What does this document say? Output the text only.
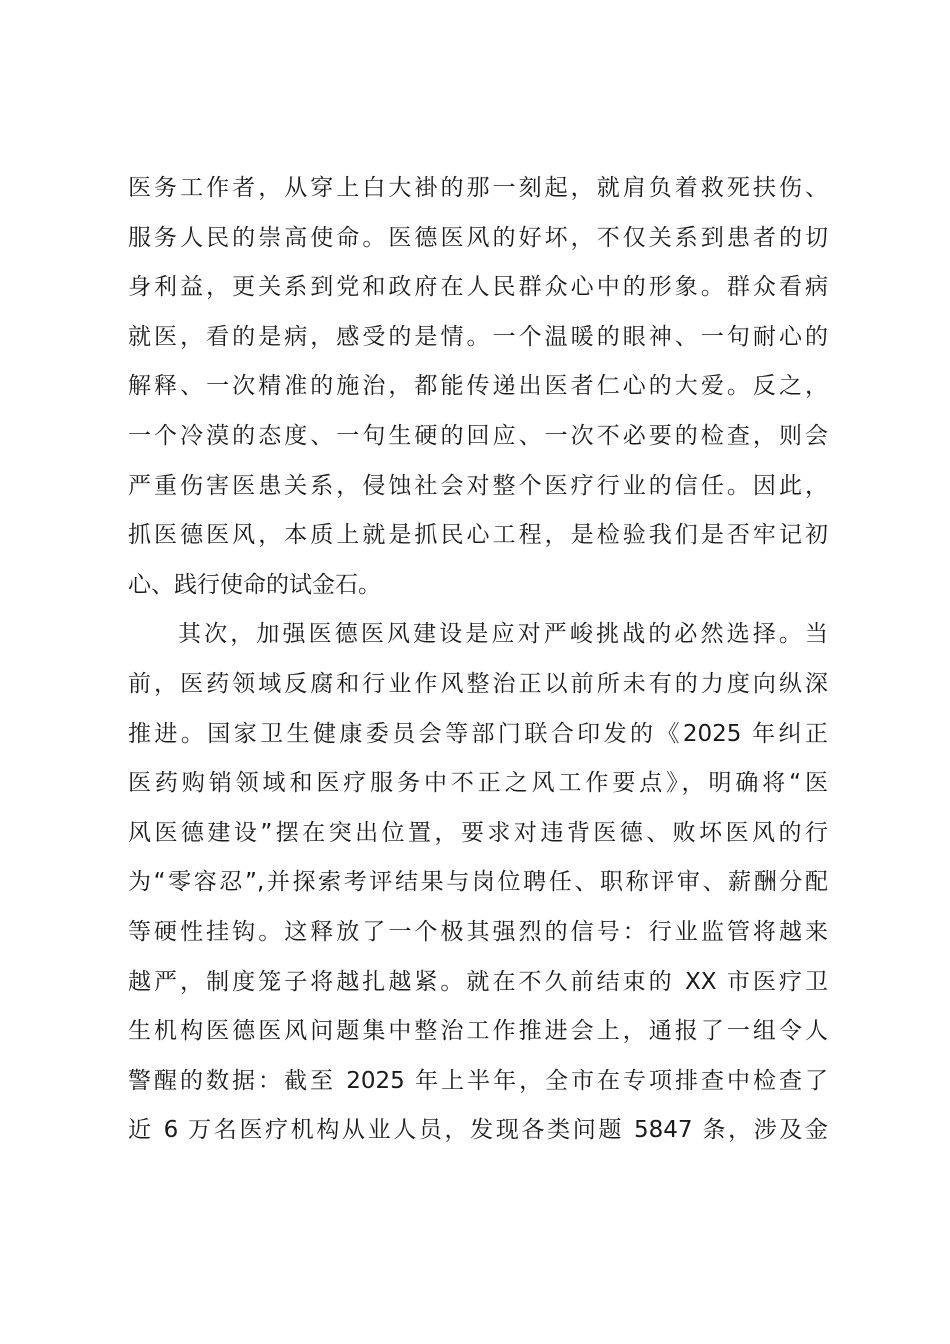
医务工作者，从穿上白大褂的那一刻起，就肩负着救死扶伤、
服务人民的崇高使命。医德医风的好坏，不仅关系到患者的切
身利益，更关系到党和政府在人民群众心中的形象。群众看病
就医，看的是病，感受的是情。一个温暖的眼神、一句耐心的
解释、一次精准的施治，都能传递出医者仁心的大爱。反之，
一个冷漠的态度、一句生硬的回应、一次不必要的检查，则会
严重伤害医患关系，侵蚀社会对整个医疗行业的信任。因此，
抓医德医风，本质上就是抓民心工程，是检验我们是否牢记初
心、践行使命的试金石。
其次，加强医德医风建设是应对严峻挑战的必然选择。当
前，医药领域反腐和行业作风整治正以前所未有的力度向纵深
推进。国家卫生健康委员会等部门联合印发的《2025 年纠正
医药购销领域和医疗服务中不正之风工作要点》，明确将“医
风医德建设”摆在突出位置，要求对违背医德、败坏医风的行
为“零容忍”,并探索考评结果与岗位聘任、职称评审、薪酬分配
等硬性挂钩。这释放了一个极其强烈的信号：行业监管将越来
越严，制度笼子将越扎越紧。就在不久前结束的 XX 市医疗卫
生机构医德医风问题集中整治工作推进会上，通报了一组令人
警醒的数据：截至 2025 年上半年，全市在专项排查中检查了
近 6 万名医疗机构从业人员，发现各类问题 5847 条，涉及金
